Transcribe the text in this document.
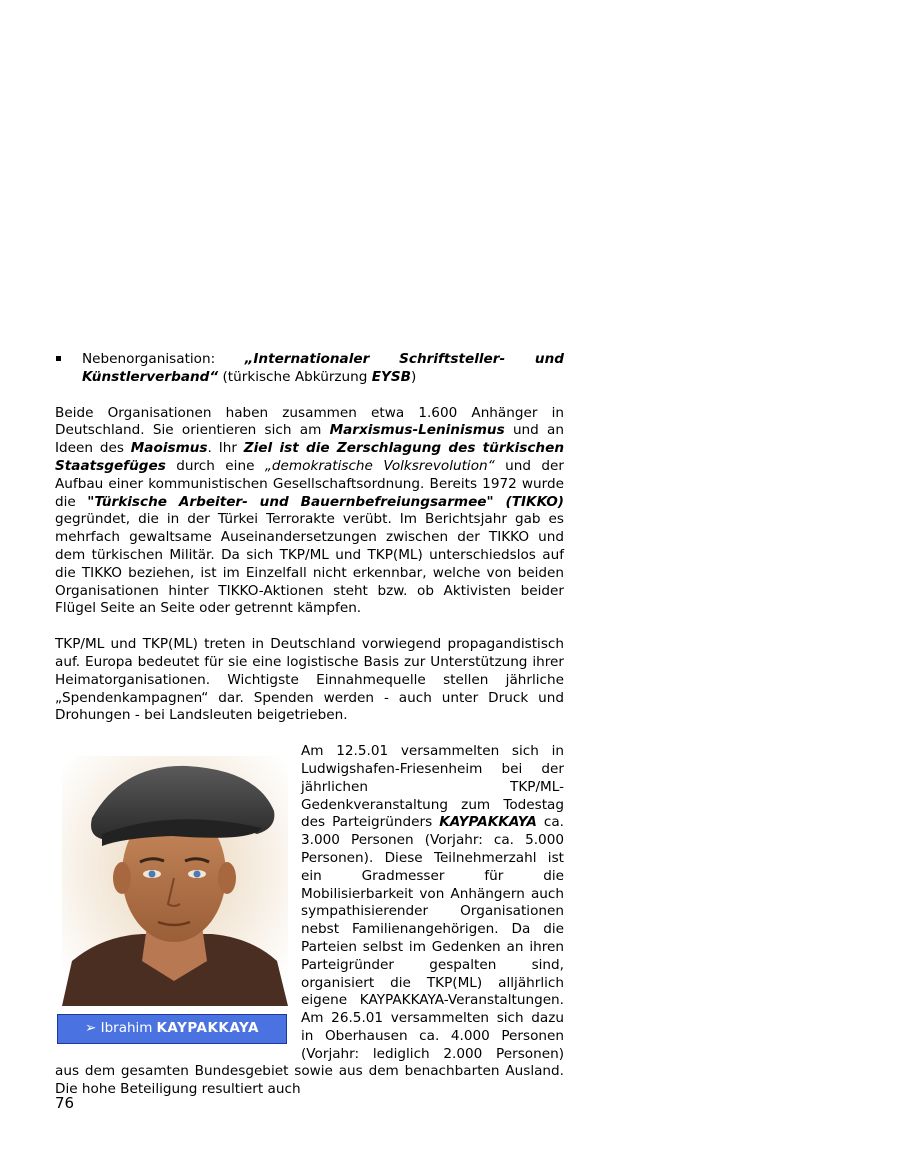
Nebenorganisation: „Internationaler Schriftsteller- und Künstlerverband“ (türkische Abkürzung EYSB)

Beide Organisationen haben zusammen etwa 1.600 Anhänger in Deutschland. Sie orientieren sich am Marxismus-Leninismus und an Ideen des Maoismus. Ihr Ziel ist die Zerschlagung des türkischen Staatsgefüges durch eine „demokratische Volksrevolution“ und der Aufbau einer kommunistischen Gesellschaftsordnung. Bereits 1972 wurde die "Türkische Arbeiter- und Bauernbefreiungsarmee" (TIKKO) gegründet, die in der Türkei Terrorakte verübt. Im Berichtsjahr gab es mehrfach gewaltsame Auseinandersetzungen zwischen der TIKKO und dem türkischen Militär. Da sich TKP/ML und TKP(ML) unterschiedslos auf die TIKKO beziehen, ist im Einzelfall nicht erkennbar, welche von beiden Organisationen hinter TIKKO-Aktionen steht bzw. ob Aktivisten beider Flügel Seite an Seite oder getrennt kämpfen.

TKP/ML und TKP(ML) treten in Deutschland vorwiegend propagandistisch auf. Europa bedeutet für sie eine logistische Basis zur Unterstützung ihrer Heimatorganisationen. Wichtigste Einnahmequelle stellen jährliche „Spendenkampagnen“ dar. Spenden werden - auch unter Druck und Drohungen - bei Landsleuten beigetrieben.

➢
Ibrahim KAYPAKKAYA

Am 12.5.01 versammelten sich in Ludwigshafen-Friesenheim bei der jährlichen TKP/ML-Gedenkveranstaltung zum Todestag des Parteigründers KAYPAKKAYA ca. 3.000 Personen (Vorjahr: ca. 5.000 Personen). Diese Teilnehmerzahl ist ein Gradmesser für die Mobilisierbarkeit von Anhängern auch sympathisierender Organisationen nebst Familienangehörigen. Da die Parteien selbst im Gedenken an ihren Parteigründer gespalten sind, organisiert die TKP(ML) alljährlich eigene KAYPAKKAYA-Veranstaltungen. Am 26.5.01 versammelten sich dazu in Oberhausen ca. 4.000 Personen (Vorjahr: lediglich 2.000 Personen) aus dem gesamten Bundesgebiet sowie aus dem benachbarten Ausland. Die hohe Beteiligung resultiert auch

76
